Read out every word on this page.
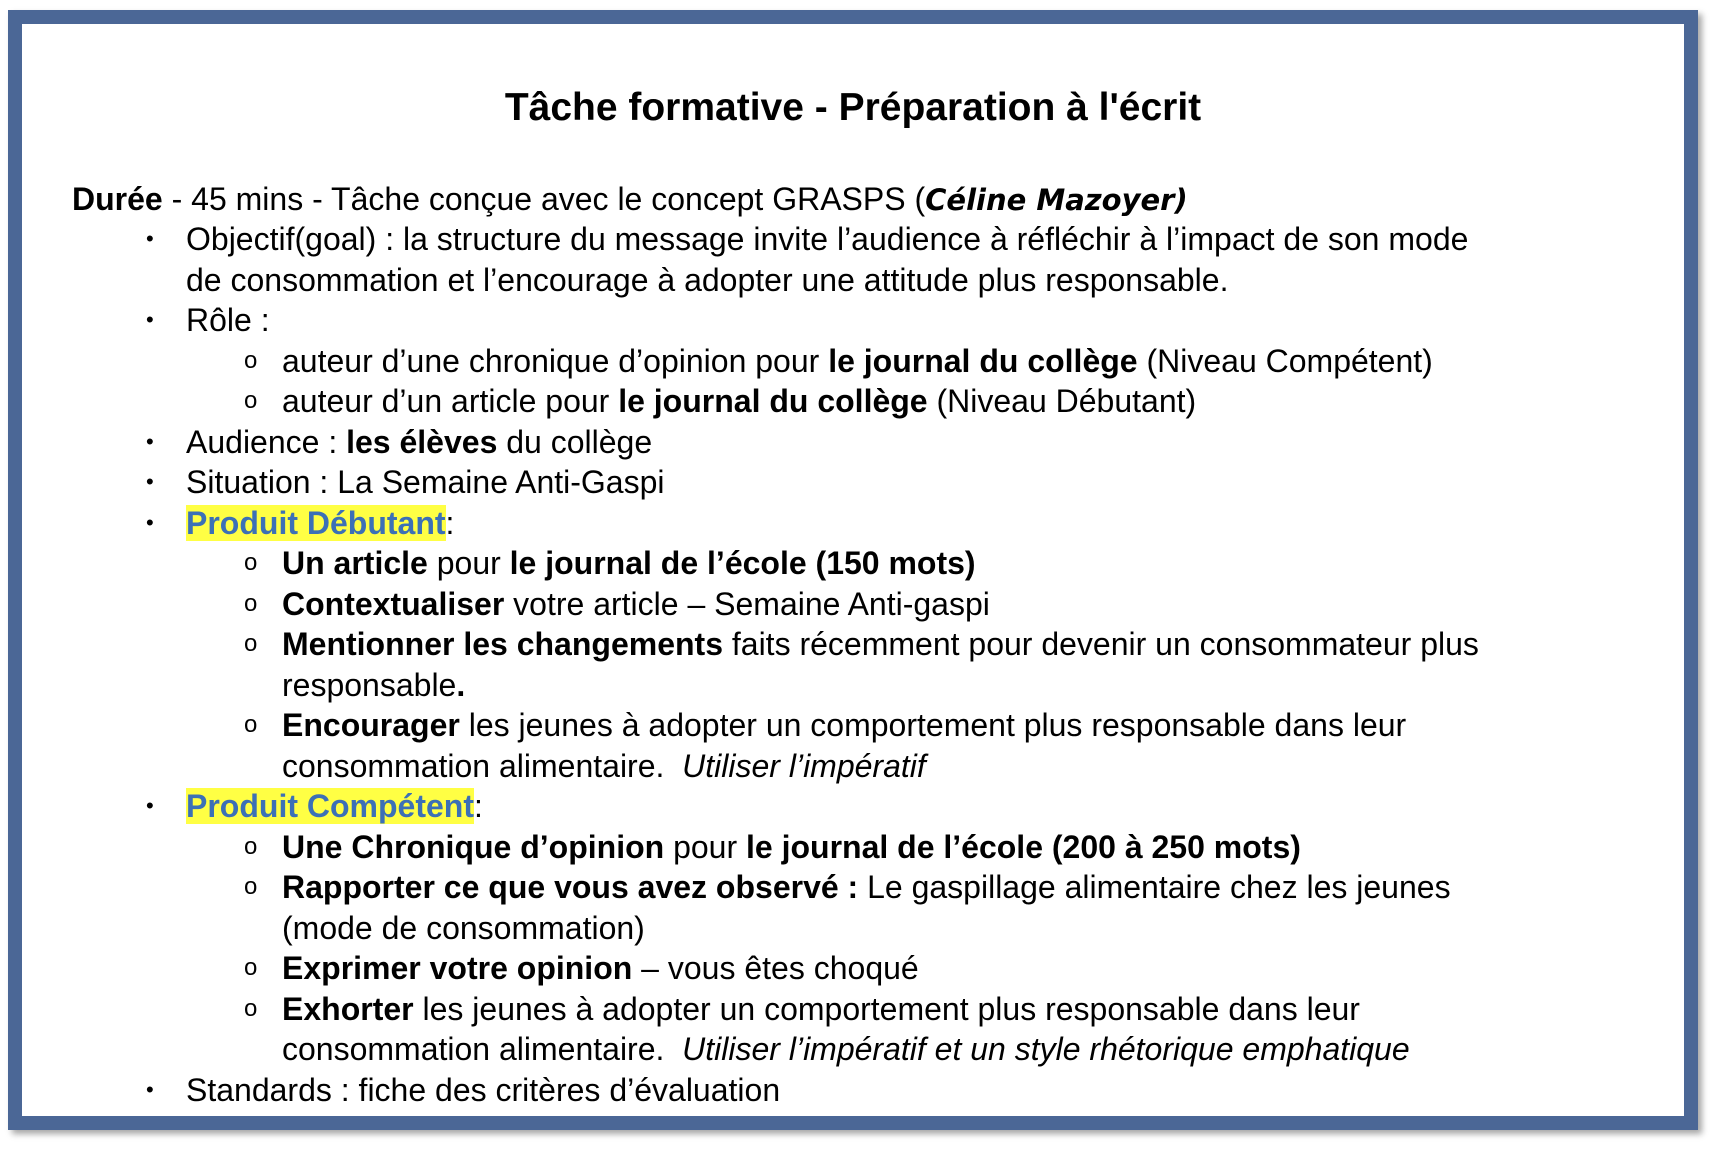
Tâche formative - Préparation à l'écrit
Durée - 45 mins - Tâche conçue avec le concept GRASPS (Céline Mazoyer)
• Objectif(goal) : la structure du message invite l’audience à réfléchir à l’impact de son mode
de consommation et l’encourage à adopter une attitude plus responsable.
• Rôle :
o auteur d’une chronique d’opinion pour le journal du collège (Niveau Compétent)
o auteur d’un article pour le journal du collège (Niveau Débutant)
• Audience : les élèves du collège
• Situation : La Semaine Anti-Gaspi
• Produit Débutant:
o Un article pour le journal de l’école (150 mots)
o Contextualiser votre article – Semaine Anti-gaspi
o Mentionner les changements faits récemment pour devenir un consommateur plus
responsable.
o Encourager les jeunes à adopter un comportement plus responsable dans leur
consommation alimentaire.  Utiliser l’impératif
• Produit Compétent:
o Une Chronique d’opinion pour le journal de l’école (200 à 250 mots)
o Rapporter ce que vous avez observé : Le gaspillage alimentaire chez les jeunes
(mode de consommation)
o Exprimer votre opinion – vous êtes choqué
o Exhorter les jeunes à adopter un comportement plus responsable dans leur
consommation alimentaire.  Utiliser l’impératif et un style rhétorique emphatique
• Standards : fiche des critères d’évaluation
